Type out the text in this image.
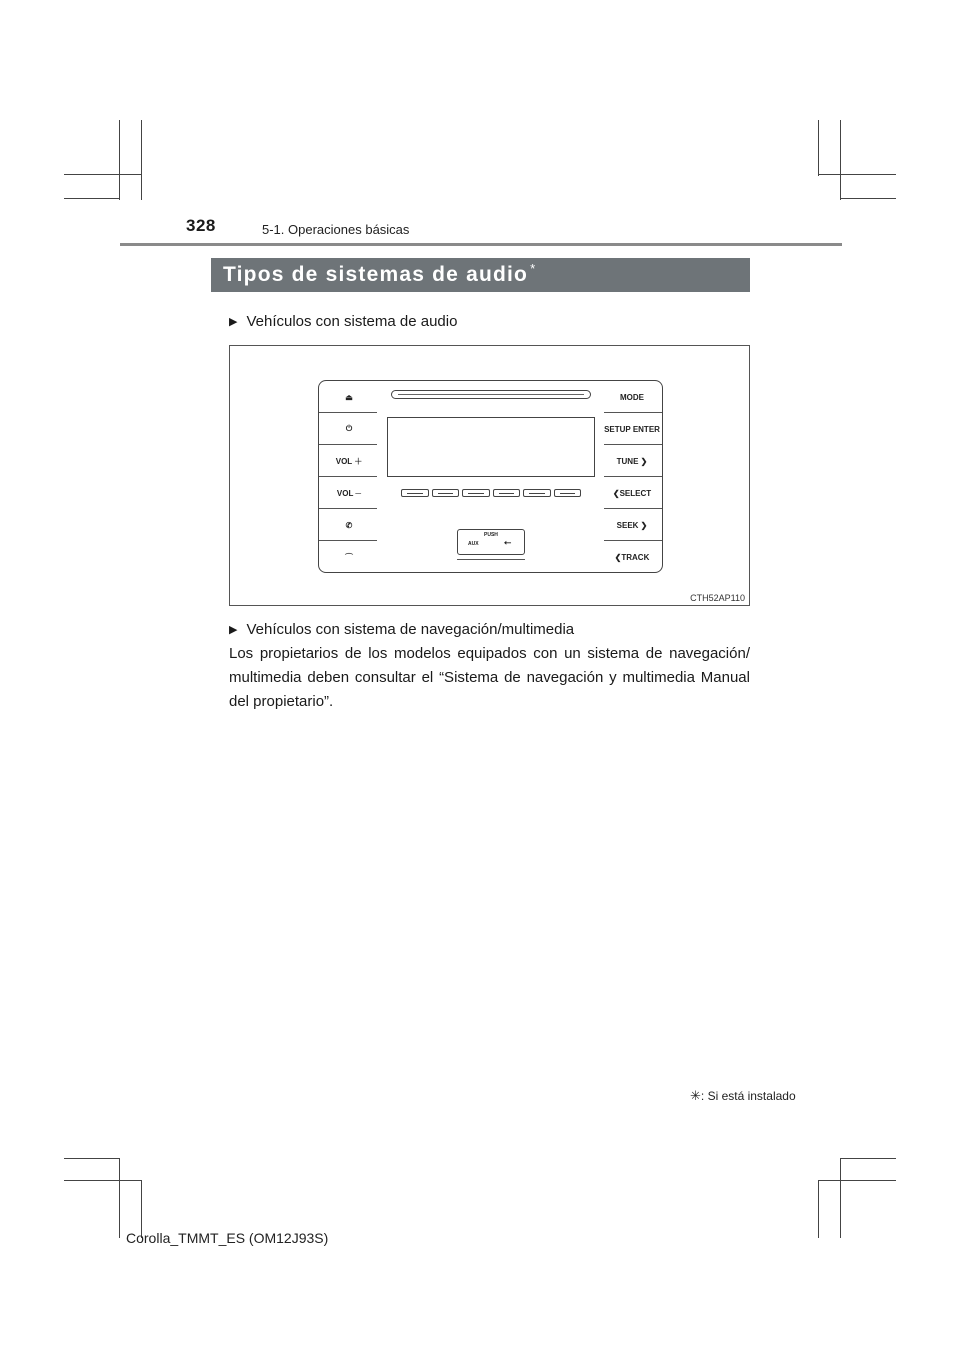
328	5-1. Operaciones básicas
Tipos de sistemas de audio *
▶ Vehículos con sistema de audio
⏏
⏻
VOL ＋
VOL ─
✆
⌒
MODE
SETUP ENTER
TUNE ❯
❮SELECT
SEEK ❯
❮TRACK
PUSH
AUX	⭠
CTH52AP110
▶ Vehículos con sistema de navegación/multimedia
Los propietarios de los modelos equipados con un sistema de navegación/ multimedia deben consultar el “Sistema de navegación y multimedia Manual del propietario”.
✳: Si está instalado
Corolla_TMMT_ES (OM12J93S)
